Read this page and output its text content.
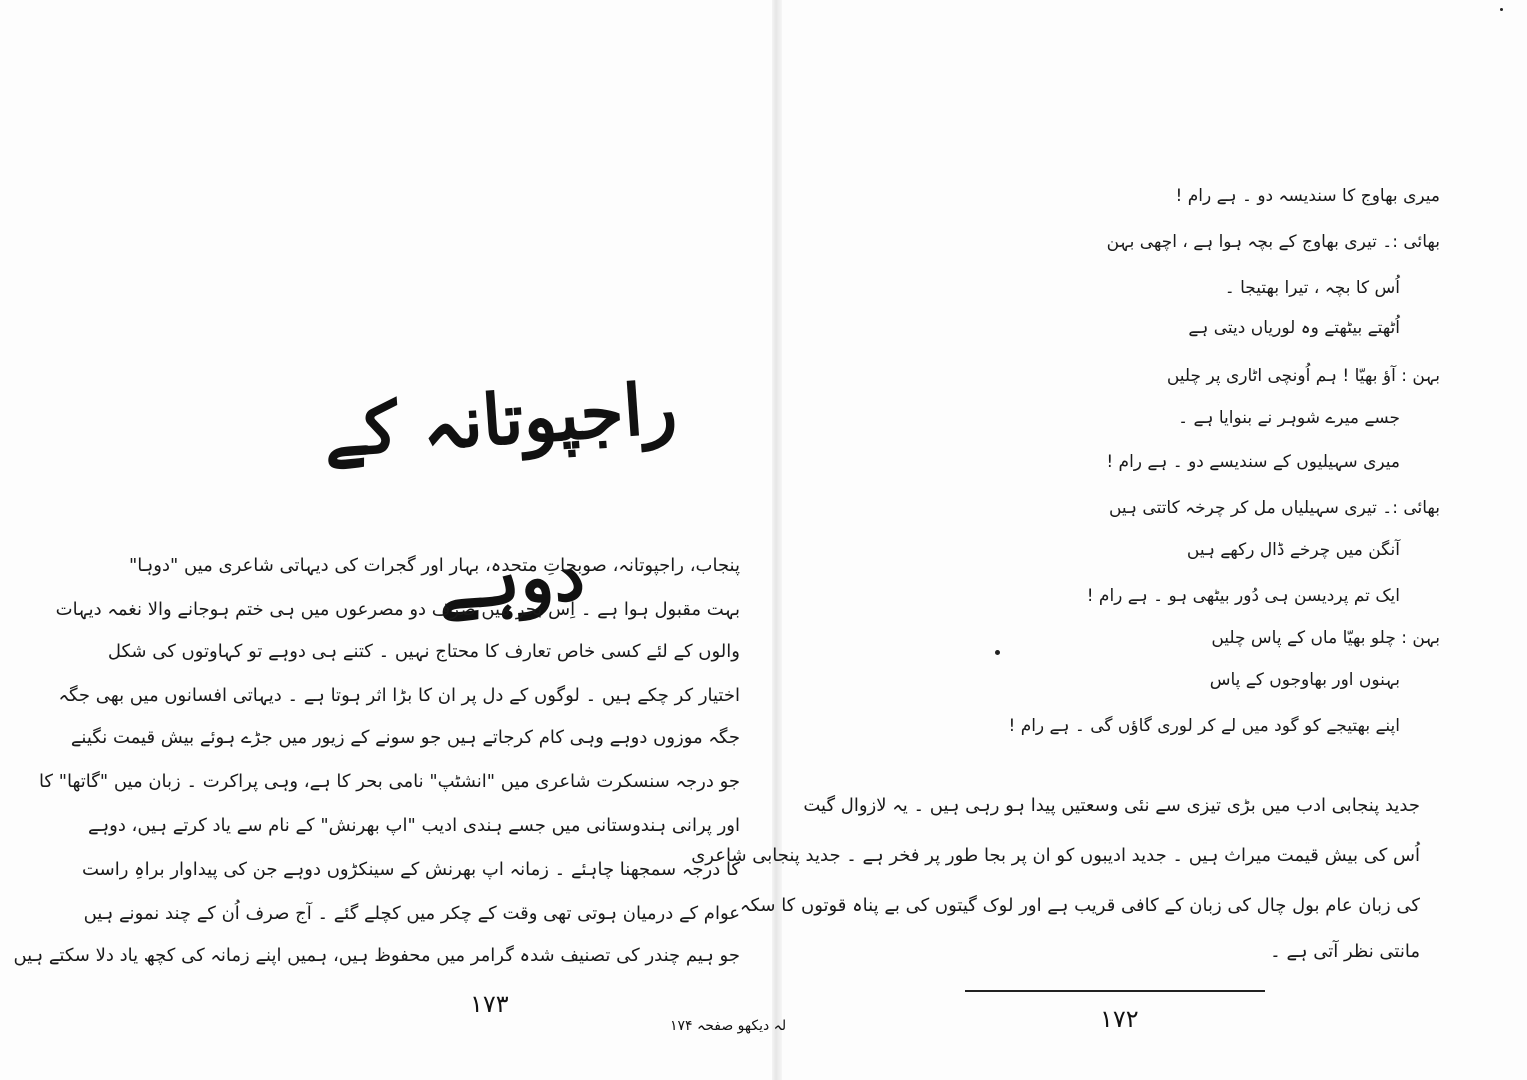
راجپوتانہ کے دوہے
پنجاب، راجپوتانہ، صوبجاتِ متحدہ، بہار اور گجرات کی دیہاتی شاعری میں "دوہا"
بہت مقبول ہوا ہے ۔ اِس بحر میں صرف دو مصرعوں میں ہی ختم ہوجانے والا نغمہ دیہات
والوں کے لئے کسی خاص تعارف کا محتاج نہیں ۔ کتنے ہی دوہے تو کہاوتوں کی شکل
اختیار کر چکے ہیں ۔ لوگوں کے دل پر ان کا بڑا اثر ہوتا ہے ۔ دیہاتی افسانوں میں بھی جگہ
جگہ موزوں دوہے وہی کام کرجاتے ہیں جو سونے کے زیور میں جڑے ہوئے بیش قیمت نگینے
جو درجہ سنسکرت شاعری میں "انشٹپ" نامی بحر کا ہے، وہی پراکرت ۔ زبان میں "گاتھا" کا
اور پرانی ہندوستانی میں جسے ہندی ادیب "اپ بھرنش" کے نام سے یاد کرتے ہیں، دوہے
کا درجہ سمجھنا چاہئے ۔ زمانہ اپ بھرنش کے سینکڑوں دوہے جن کی پیداوار براہِ راست
عوام کے درمیان ہوتی تھی وقت کے چکر میں کچلے گئے ۔ آج صرف اُن کے چند نمونے ہیں
جو ہیم چندر کی تصنیف شدہ گرامر میں محفوظ ہیں، ہمیں اپنے زمانہ کی کچھ یاد دلا سکتے ہیں
۱۷۳
لہ دیکھو صفحہ ۱۷۴
میری بھاوج کا سندیسہ دو ۔ ہے رام !
بھائی :۔ تیری بھاوج کے بچہ ہوا ہے ، اچھی بہن
اُس کا بچہ ، تیرا بھتیجا ۔
اُٹھتے بیٹھتے وہ لوریاں دیتی ہے
بہن : آؤ بھیّا ! ہم اُونچی اٹاری پر چلیں
جسے میرے شوہر نے بنوایا ہے ۔
میری سہیلیوں کے سندیسے دو ۔ ہے رام !
بھائی :۔ تیری سہیلیاں مل کر چرخہ کاتتی ہیں
آنگن میں چرخے ڈال رکھے ہیں
ایک تم پردیسن ہی دُور بیٹھی ہو ۔ ہے رام !
بہن : چلو بھیّا ماں کے پاس چلیں
بہنوں اور بھاوجوں کے پاس
اپنے بھتیجے کو گود میں لے کر لوری گاؤں گی ۔ ہے رام !
جدید پنجابی ادب میں بڑی تیزی سے نئی وسعتیں پیدا ہو رہی ہیں ۔ یہ لازوال گیت
اُس کی بیش قیمت میراث ہیں ۔ جدید ادیبوں کو ان پر بجا طور پر فخر ہے ۔ جدید پنجابی شاعری
کی زبان عام بول چال کی زبان کے کافی قریب ہے اور لوک گیتوں کی بے پناہ قوتوں کا سکہ
مانتی نظر آتی ہے ۔
۱۷۲
